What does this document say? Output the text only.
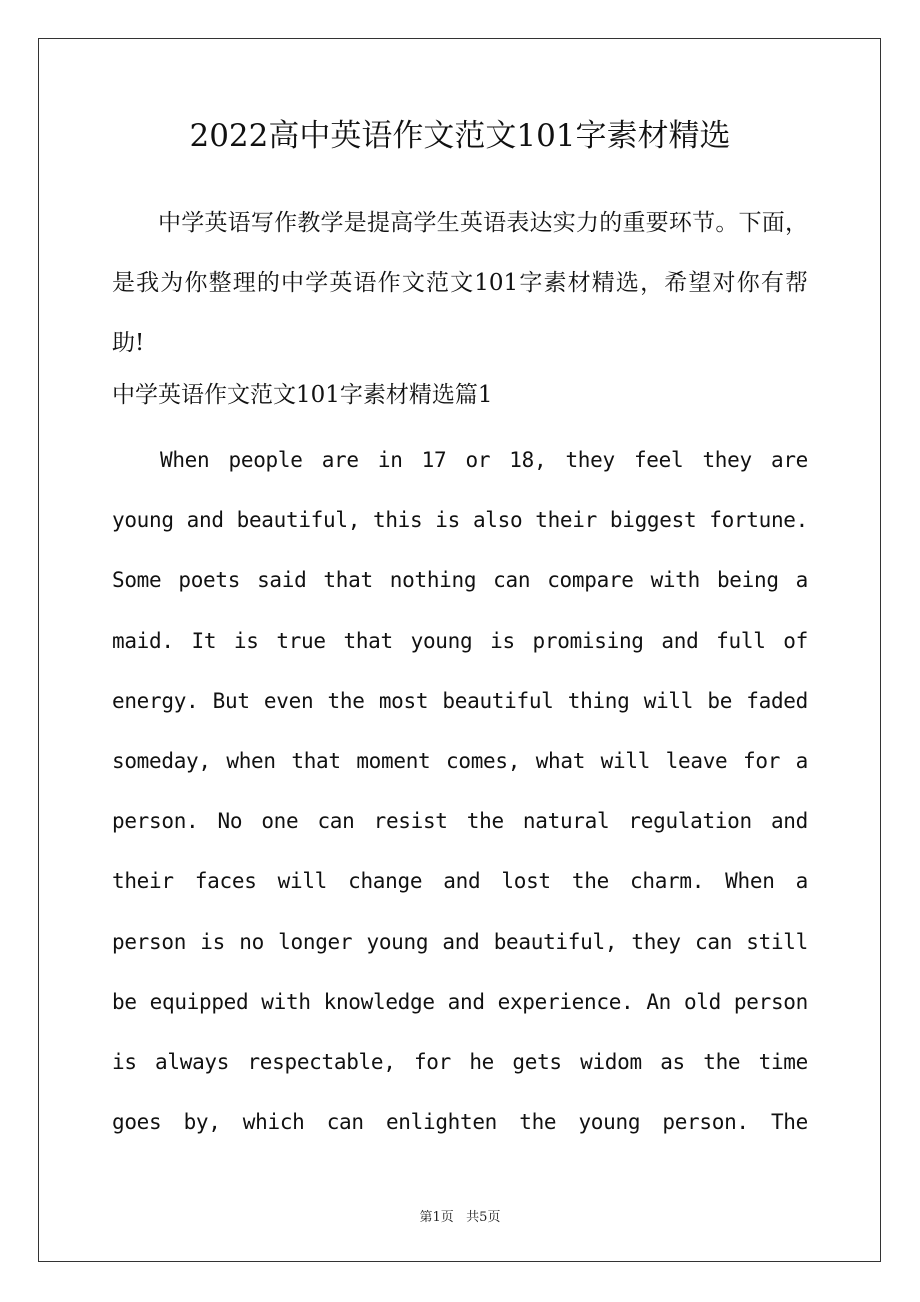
2022高中英语作文范文101字素材精选

中学英语写作教学是提高学生英语表达实力的重要环节。下面，是我为你整理的中学英语作文范文101字素材精选，希望对你有帮助!

中学英语作文范文101字素材精选篇1

When people are in 17 or 18, they feel they are young and beautiful, this is also their biggest fortune. Some poets said that nothing can compare with being a maid. It is true that young is promising and full of energy. But even the most beautiful thing will be faded someday, when that moment comes, what will leave for a person. No one can resist the natural regulation and their faces will change and lost the charm. When a person is no longer young and beautiful, they can still be equipped with knowledge and experience. An old person is always respectable, for he gets widom as the time goes by, which can enlighten the young person. The

第1页   共5页
